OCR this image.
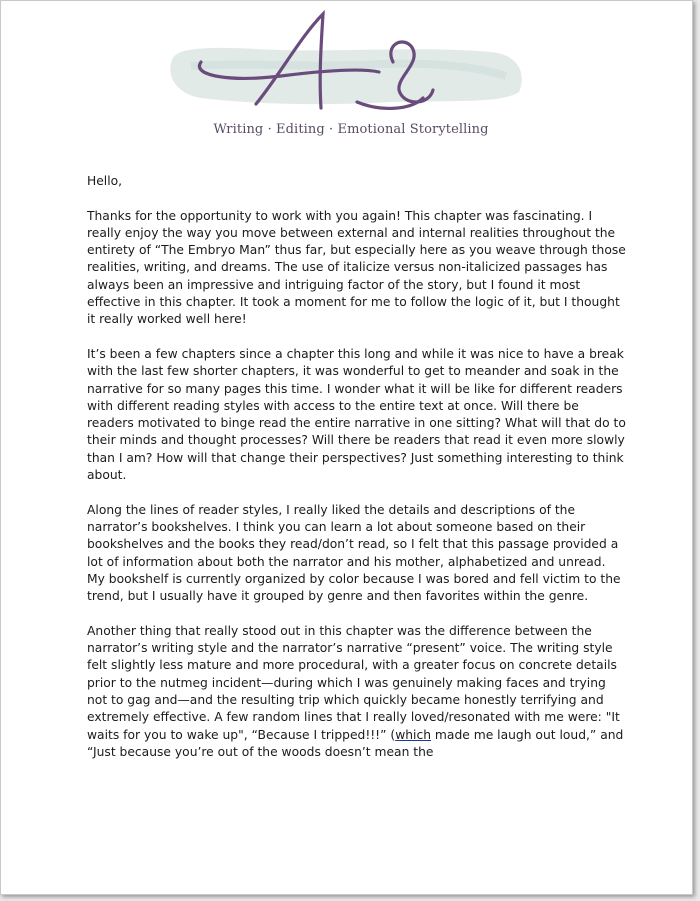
Writing · Editing · Emotional Storytelling

Hello,

Thanks for the opportunity to work with you again! This chapter was fascinating. I really enjoy the way you move between external and internal realities throughout the entirety of “The Embryo Man” thus far, but especially here as you weave through those realities, writing, and dreams. The use of italicize versus non-italicized passages has always been an impressive and intriguing factor of the story, but I found it most effective in this chapter. It took a moment for me to follow the logic of it, but I thought it really worked well here!

It’s been a few chapters since a chapter this long and while it was nice to have a break with the last few shorter chapters, it was wonderful to get to meander and soak in the narrative for so many pages this time. I wonder what it will be like for different readers with different reading styles with access to the entire text at once. Will there be readers motivated to binge read the entire narrative in one sitting? What will that do to their minds and thought processes? Will there be readers that read it even more slowly than I am? How will that change their perspectives? Just something interesting to think about.

Along the lines of reader styles, I really liked the details and descriptions of the narrator’s bookshelves. I think you can learn a lot about someone based on their bookshelves and the books they read/don’t read, so I felt that this passage provided a lot of information about both the narrator and his mother, alphabetized and unread. My bookshelf is currently organized by color because I was bored and fell victim to the trend, but I usually have it grouped by genre and then favorites within the genre.

Another thing that really stood out in this chapter was the difference between the narrator’s writing style and the narrator’s narrative “present” voice. The writing style felt slightly less mature and more procedural, with a greater focus on concrete details prior to the nutmeg incident—during which I was genuinely making faces and trying not to gag and—and the resulting trip which quickly became honestly terrifying and extremely effective. A few random lines that I really loved/resonated with me were: "It waits for you to wake up", “Because I tripped!!!” (which made me laugh out loud,” and “Just because you’re out of the woods doesn’t mean the
